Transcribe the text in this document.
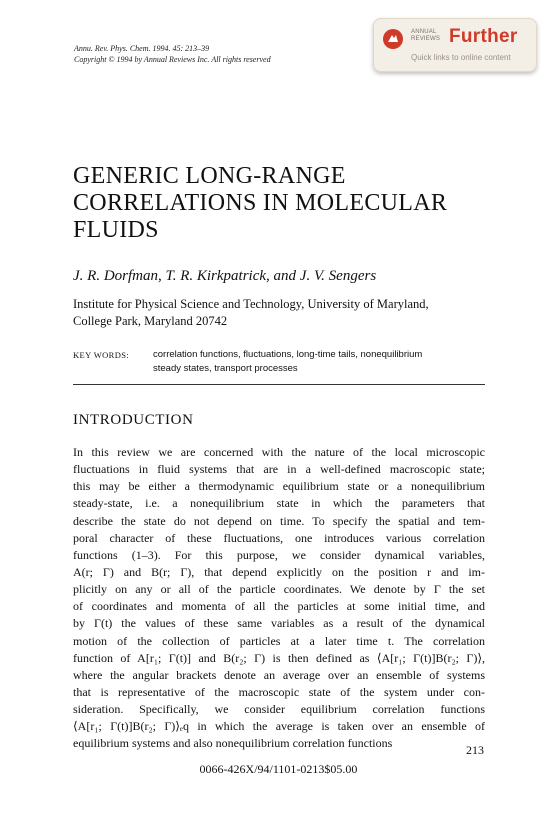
Annu. Rev. Phys. Chem. 1994. 45: 213–39
Copyright © 1994 by Annual Reviews Inc. All rights reserved
ANNUAL
REVIEWS Further
Quick links to online content
GENERIC LONG-RANGE
CORRELATIONS IN MOLECULAR
FLUIDS
J. R. Dorfman, T. R. Kirkpatrick, and J. V. Sengers
Institute for Physical Science and Technology, University of Maryland,
College Park, Maryland 20742
KEY WORDS:	correlation functions, fluctuations, long-time tails, nonequilibrium
steady states, transport processes
INTRODUCTION
In this review we are concerned with the nature of the local microscopic
fluctuations in fluid systems that are in a well-defined macroscopic state;
this may be either a thermodynamic equilibrium state or a nonequilibrium
steady-state, i.e. a nonequilibrium state in which the parameters that
describe the state do not depend on time. To specify the spatial and tem-
poral character of these fluctuations, one introduces various correlation
functions (1–3). For this purpose, we consider dynamical variables,
A(r; Γ) and B(r; Γ), that depend explicitly on the position r and im-
plicitly on any or all of the particle coordinates. We denote by Γ the set
of coordinates and momenta of all the particles at some initial time, and
by Γ(t) the values of these same variables as a result of the dynamical
motion of the collection of particles at a later time t. The correlation
function of A[r₁; Γ(t)] and B(r₂; Γ) is then defined as ⟨A[r₁; Γ(t)]B(r₂; Γ)⟩,
where the angular brackets denote an average over an ensemble of systems
that is representative of the macroscopic state of the system under con-
sideration. Specifically, we consider equilibrium correlation functions
⟨A[r₁; Γ(t)]B(r₂; Γ)⟩ₑq in which the average is taken over an ensemble of
equilibrium systems and also nonequilibrium correlation functions	213
0066-426X/94/1101-0213$05.00
